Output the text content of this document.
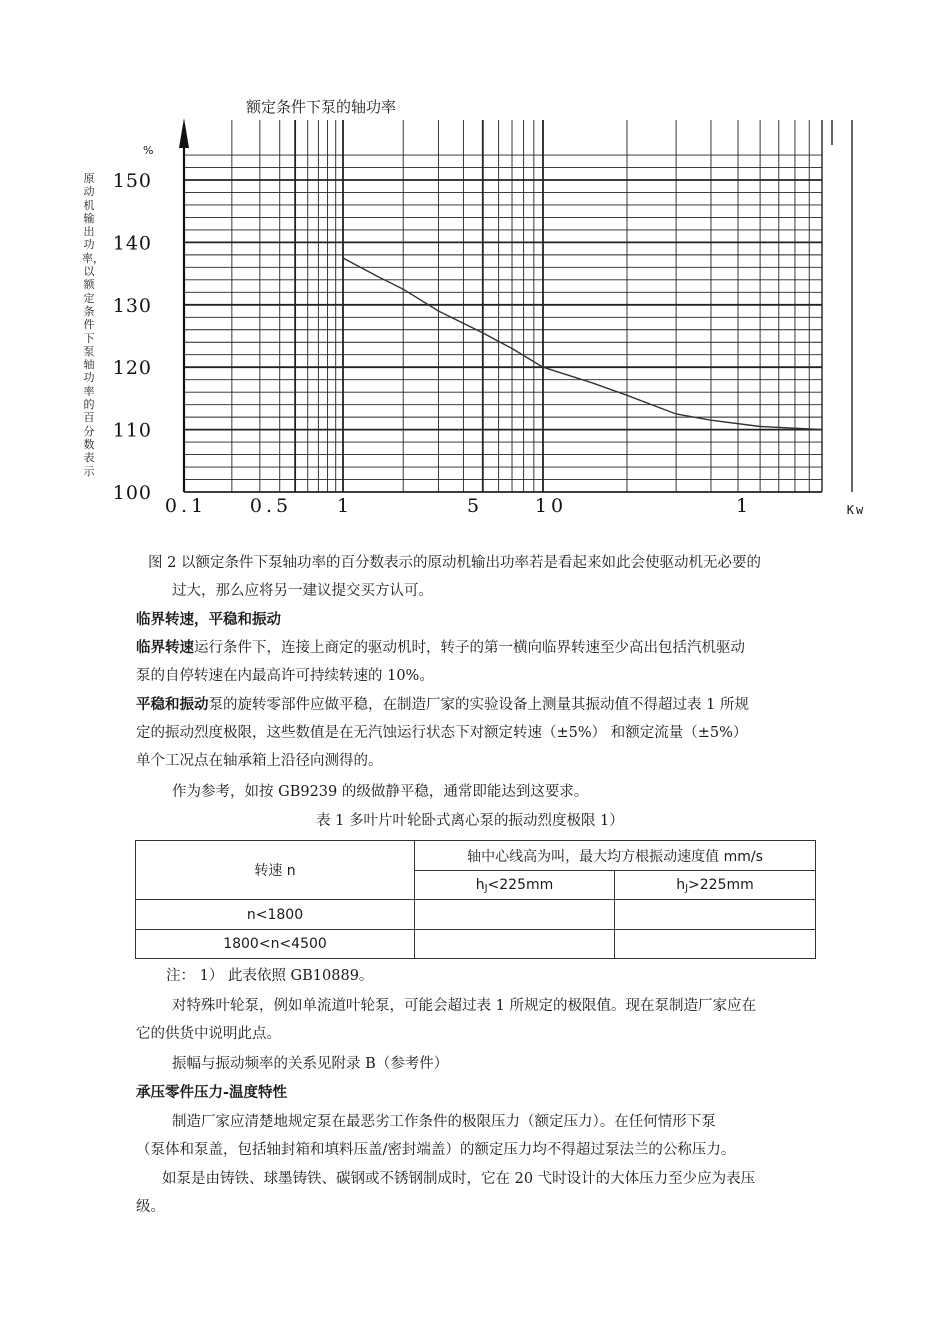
150
140
130
120
110
100
%
0.1 0.5 1	5	10	1	Kw
额定条件下泵的轴功率
原动机输出功率，以额定条件下泵轴功率的百分数表示
图 2 以额定条件下泵轴功率的百分数表示的原动机输出功率若是看起来如此会使驱动机无必要的
过大，那么应将另一建议提交买方认可。
临界转速，平稳和振动
临界转速运行条件下，连接上商定的驱动机时，转子的第一横向临界转速至少高出包括汽机驱动
泵的自停转速在内最高许可持续转速的 10%。
平稳和振动泵的旋转零部件应做平稳，在制造厂家的实验设备上测量其振动值不得超过表 1 所规
定的振动烈度极限，这些数值是在无汽蚀运行状态下对额定转速（±5%） 和额定流量（±5%）
单个工况点在轴承箱上沿径向测得的。
作为参考，如按 GB9239 的级做静平稳，通常即能达到这要求。
表 1 多叶片叶轮卧式离心泵的振动烈度极限 1）
转速 n	轴中心线高为叫，最大均方根振动速度值 mm/s	
	$h_J<225mm$	$h_J>225mm$
n<1800		
1800<n<4500		
注： 1） 此表依照 GB10889。
对特殊叶轮泵，例如单流道叶轮泵，可能会超过表 1 所规定的极限值。现在泵制造厂家应在
它的供货中说明此点。
振幅与振动频率的关系见附录 B（参考件）
承压零件压力-温度特性
制造厂家应清楚地规定泵在最恶劣工作条件的极限压力（额定压力）。在任何情形下泵
（泵体和泵盖，包括轴封箱和填料压盖/密封端盖）的额定压力均不得超过泵法兰的公称压力。
如泵是由铸铁、球墨铸铁、碳钢或不锈钢制成时，它在 20 弋时设计的大体压力至少应为表压
级。
